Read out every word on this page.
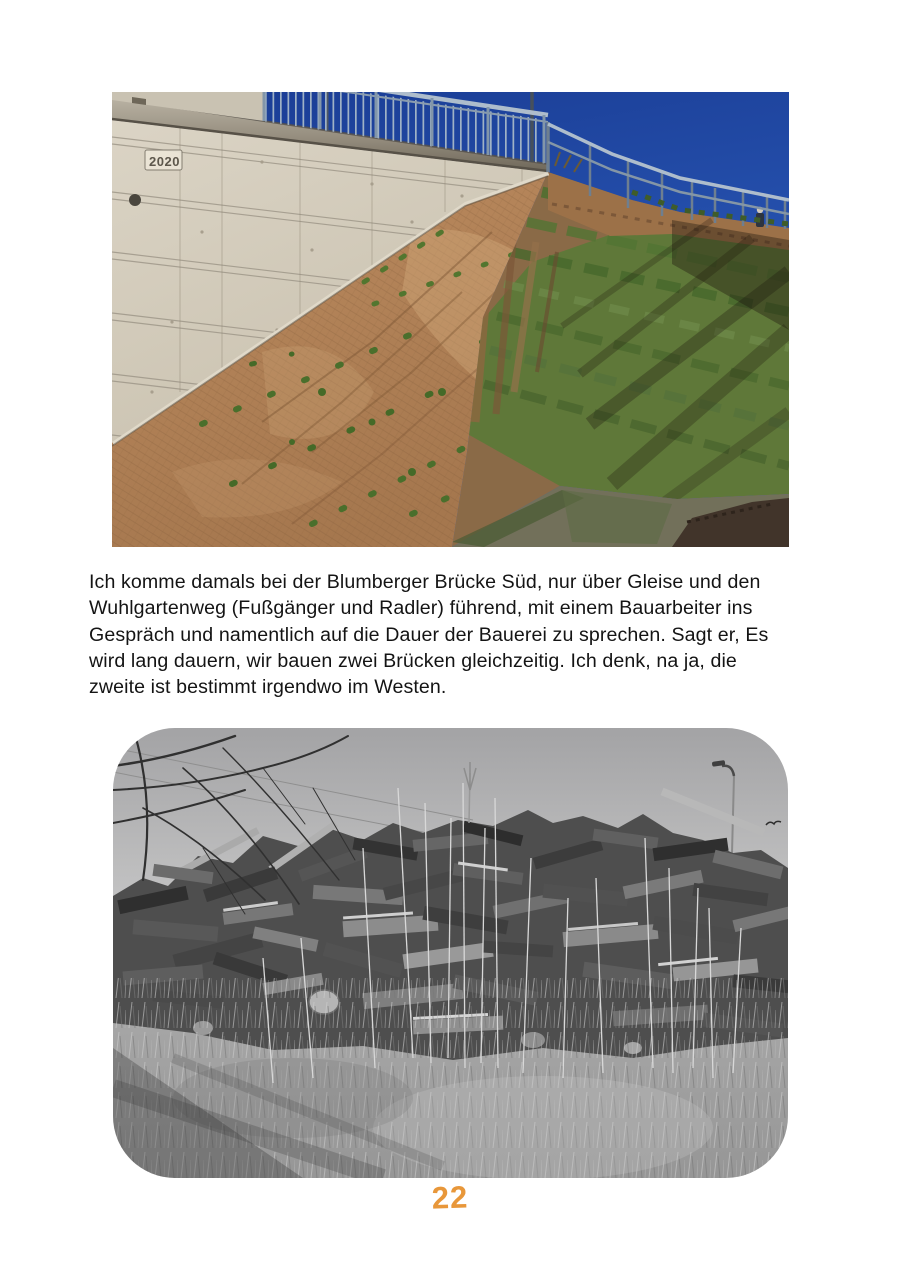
2020
Ich komme damals bei der Blumberger Brücke Süd, nur über Gleise und den
Wuhlgartenweg (Fußgänger und Radler) führend, mit einem Bauarbeiter ins
Gespräch und namentlich auf die Dauer der Bauerei zu sprechen. Sagt er, Es
wird lang dauern, wir bauen zwei Brücken gleichzeitig. Ich denk, na ja, die
zweite ist bestimmt irgendwo im Westen.
22
